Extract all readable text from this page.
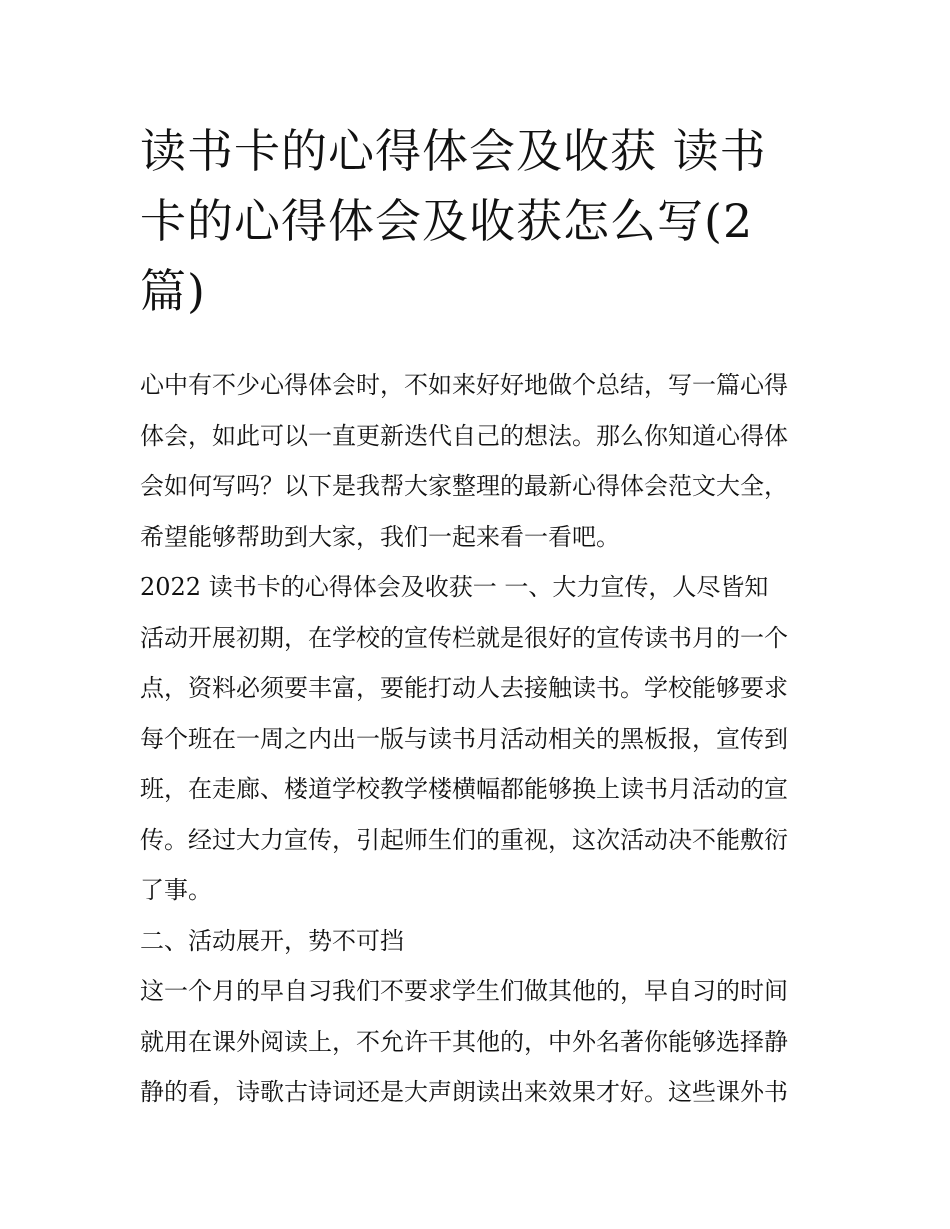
读书卡的心得体会及收获 读书
卡的心得体会及收获怎么写(2
篇)
心中有不少心得体会时，不如来好好地做个总结，写一篇心得
体会，如此可以一直更新迭代自己的想法。那么你知道心得体
会如何写吗？以下是我帮大家整理的最新心得体会范文大全，
希望能够帮助到大家，我们一起来看一看吧。
2022 读书卡的心得体会及收获一 一、大力宣传，人尽皆知
活动开展初期，在学校的宣传栏就是很好的宣传读书月的一个
点，资料必须要丰富，要能打动人去接触读书。学校能够要求
每个班在一周之内出一版与读书月活动相关的黑板报，宣传到
班，在走廊、楼道学校教学楼横幅都能够换上读书月活动的宣
传。经过大力宣传，引起师生们的重视，这次活动决不能敷衍
了事。
二、活动展开，势不可挡
这一个月的早自习我们不要求学生们做其他的，早自习的时间
就用在课外阅读上，不允许干其他的，中外名著你能够选择静
静的看，诗歌古诗词还是大声朗读出来效果才好。这些课外书
